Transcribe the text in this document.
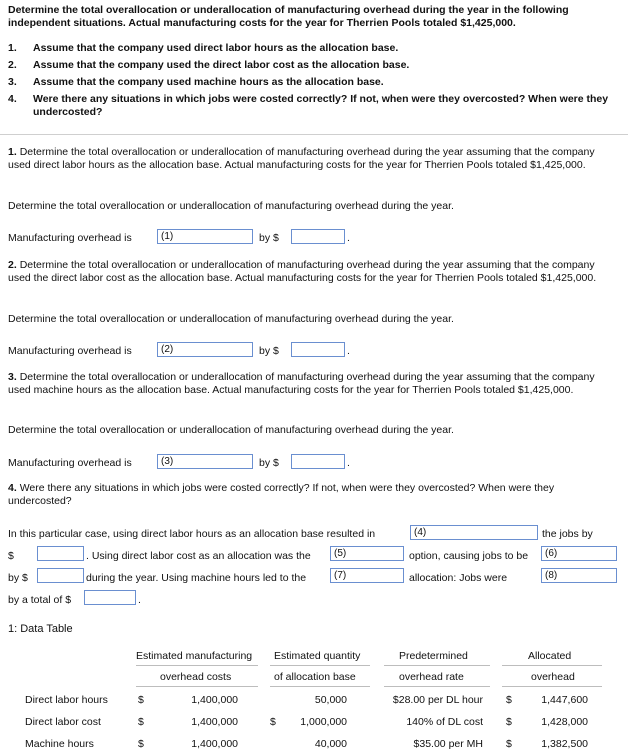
Determine the total overallocation or underallocation of manufacturing overhead during the year in the following independent situations. Actual manufacturing costs for the year for Therrien Pools totaled $1,425,000.
1. Assume that the company used direct labor hours as the allocation base.
2. Assume that the company used the direct labor cost as the allocation base.
3. Assume that the company used machine hours as the allocation base.
4. Were there any situations in which jobs were costed correctly? If not, when were they overcosted? When were they undercosted?
1. Determine the total overallocation or underallocation of manufacturing overhead during the year assuming that the company used direct labor hours as the allocation base. Actual manufacturing costs for the year for Therrien Pools totaled $1,425,000.
Determine the total overallocation or underallocation of manufacturing overhead during the year.
Manufacturing overhead is	(1)	by $	.
2. Determine the total overallocation or underallocation of manufacturing overhead during the year assuming that the company used the direct labor cost as the allocation base. Actual manufacturing costs for the year for Therrien Pools totaled $1,425,000.
Determine the total overallocation or underallocation of manufacturing overhead during the year.
Manufacturing overhead is	(2)	by $	.
3. Determine the total overallocation or underallocation of manufacturing overhead during the year assuming that the company used machine hours as the allocation base. Actual manufacturing costs for the year for Therrien Pools totaled $1,425,000.
Determine the total overallocation or underallocation of manufacturing overhead during the year.
Manufacturing overhead is	(3)	by $	.
4. Were there any situations in which jobs were costed correctly? If not, when were they overcosted? When were they undercosted?
In this particular case, using direct labor hours as an allocation base resulted in	(4)	the jobs by
$	. Using direct labor cost as an allocation was the	(5)	option, causing jobs to be	(6)
by $	during the year. Using machine hours led to the	(7)	allocation: Jobs were	(8)
by a total of $	.
1: Data Table
Estimated manufacturing Estimated quantity	Predetermined	Allocated
overhead costs	of allocation base	overhead rate	overhead
Direct labor hours	$	1,400,000	50,000	$28.00 per DL hour $	1,447,600
Direct labor cost	$	1,400,000	$	1,000,000	140% of DL cost $	1,428,000
Machine hours	$	1,400,000	40,000	$35.00 per MH $	1,382,500
